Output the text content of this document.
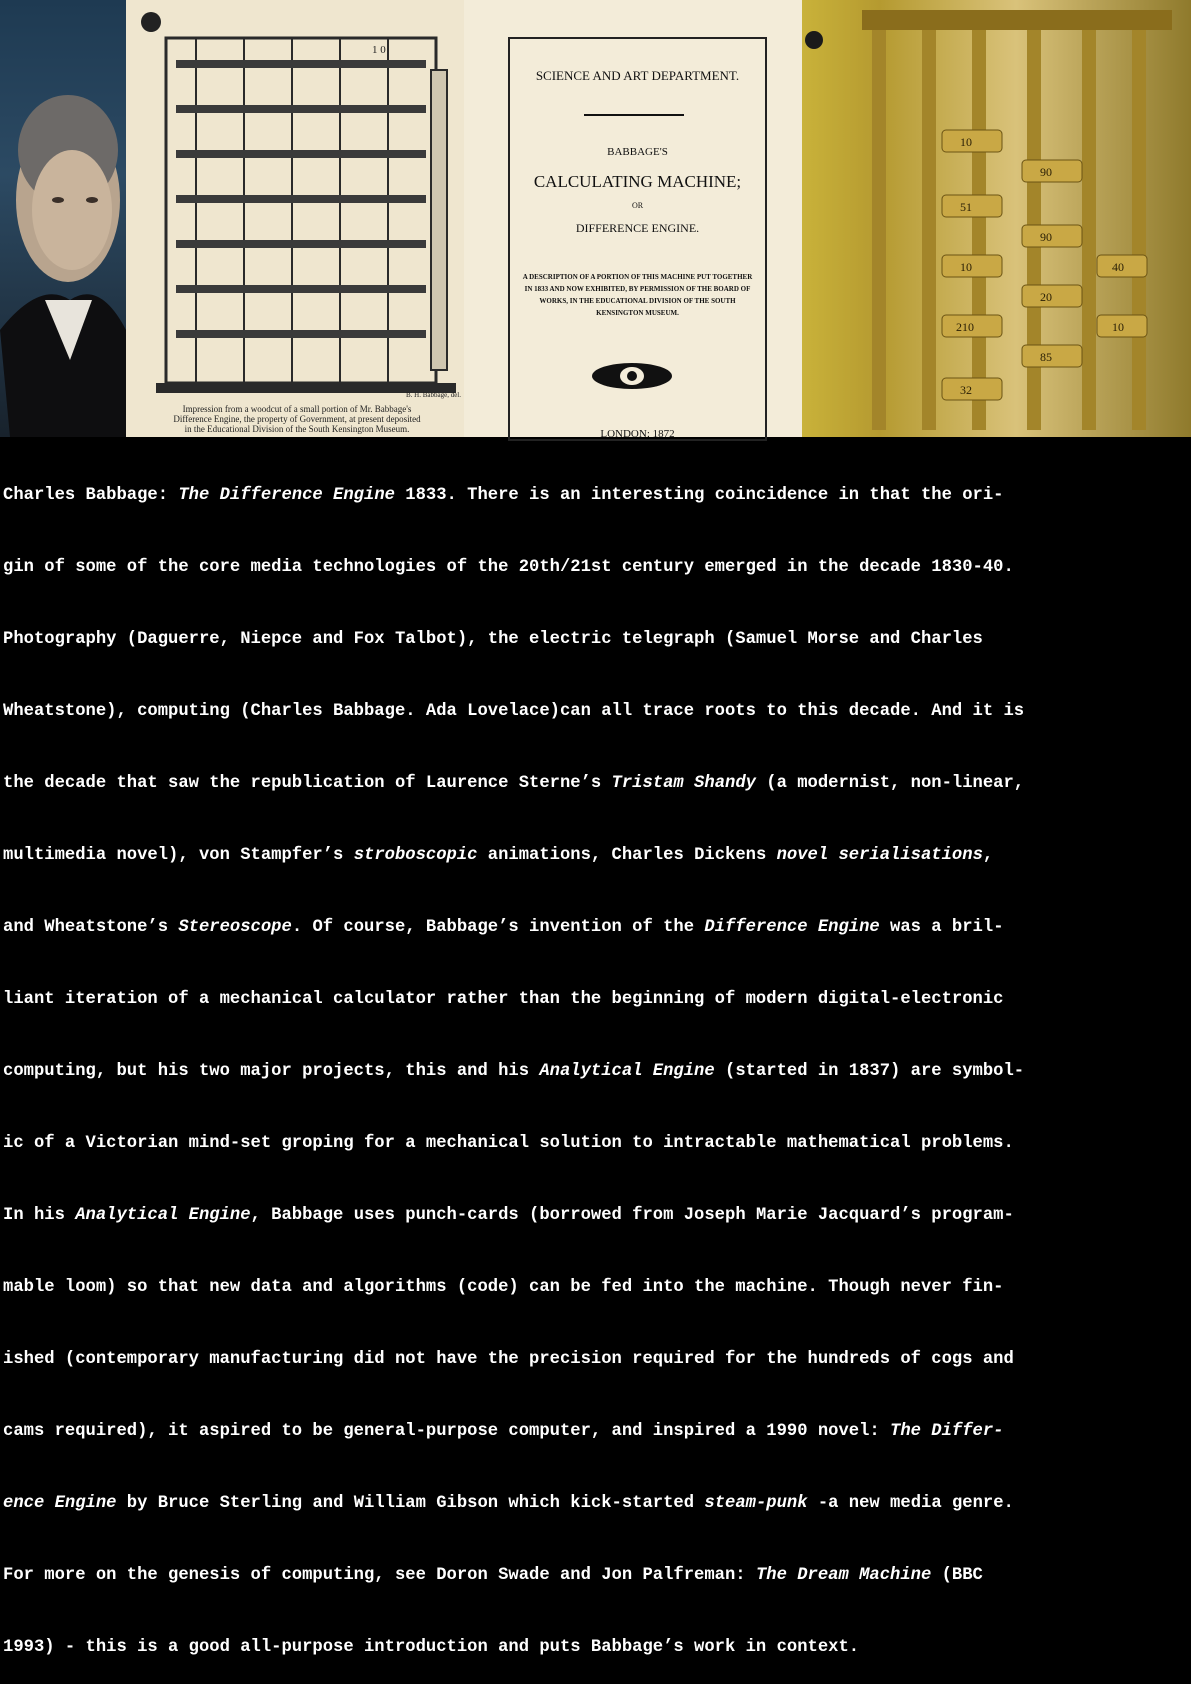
1 0
B. H. Babbage, del.
Impression from a woodcut of a small portion of Mr. Babbage's Difference Engine, the property of Government, at present deposited in the Educational Division of the South Kensington Museum.
SCIENCE AND ART DEPARTMENT.
BABBAGE'S
CALCULATING MACHINE;
OR
DIFFERENCE ENGINE.
A DESCRIPTION OF A PORTION OF THIS MACHINE PUT TOGETHER IN 1833 AND NOW EXHIBITED, BY PERMISSION OF THE BOARD OF WORKS, IN THE EDUCATIONAL DIVISION OF THE SOUTH KENSINGTON MUSEUM.
LONDON: 1872
10
90
51
90
10
20
210
85
32
40
10

Charles Babbage: The Difference Engine 1833. There is an interesting coincidence in that the ori-

gin of some of the core media technologies of the 20th/21st century emerged in the decade 1830-40.

Photography (Daguerre, Niepce and Fox Talbot), the electric telegraph (Samuel Morse and Charles

Wheatstone), computing (Charles Babbage. Ada Lovelace)can all trace roots to this decade. And it is

the decade that saw the republication of Laurence Sterne’s Tristam Shandy (a modernist, non-linear,

multimedia novel), von Stampfer’s stroboscopic animations, Charles Dickens novel serialisations,

and Wheatstone’s Stereoscope. Of course, Babbage’s invention of the Difference Engine was a bril-

liant iteration of a mechanical calculator rather than the beginning of modern digital-electronic

computing, but his two major projects, this and his Analytical Engine (started in 1837) are symbol-

ic of a Victorian mind-set groping for a mechanical solution to intractable mathematical problems.

In his Analytical Engine, Babbage uses punch-cards (borrowed from Joseph Marie Jacquard’s program-

mable loom) so that new data and algorithms (code) can be fed into the machine. Though never fin-

ished (contemporary manufacturing did not have the precision required for the hundreds of cogs and

cams required), it aspired to be general-purpose computer, and inspired a 1990 novel: The Differ-

ence Engine by Bruce Sterling and William Gibson which kick-started steam-punk -a new media genre.

For more on the genesis of computing, see Doron Swade and Jon Palfreman: The Dream Machine (BBC

1993) - this is a good all-purpose introduction and puts Babbage’s work in context.
